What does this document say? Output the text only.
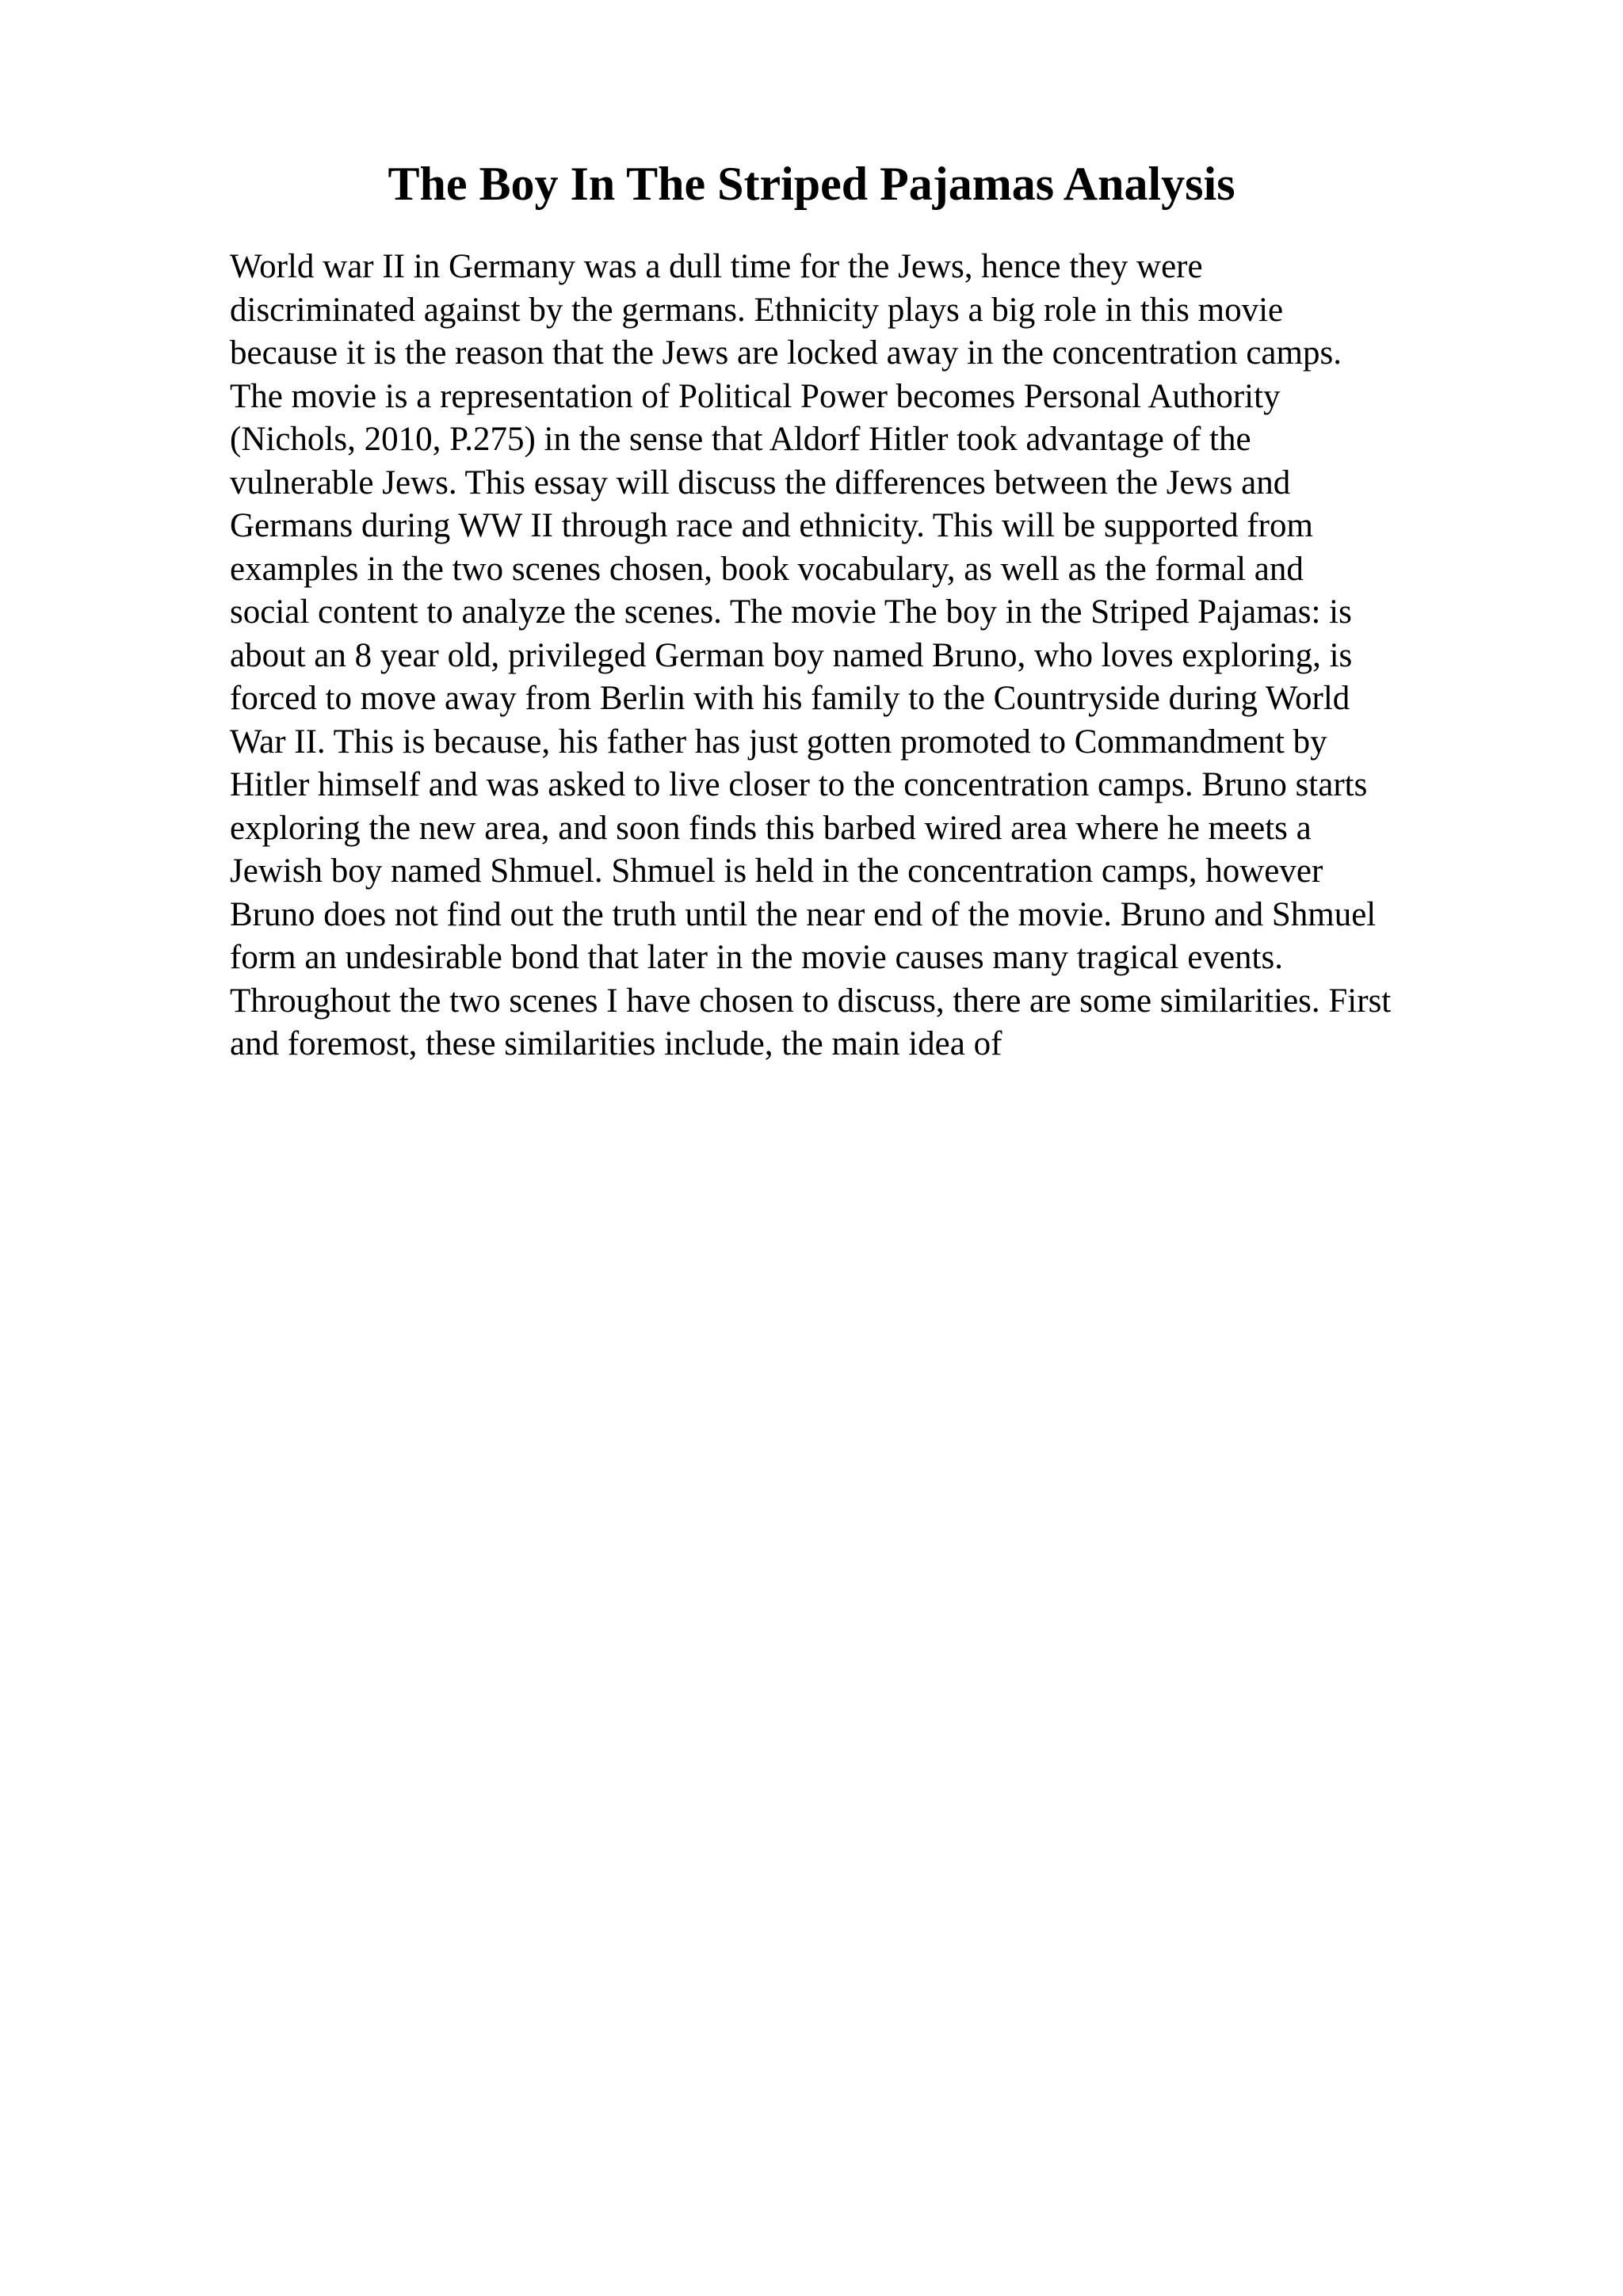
The Boy In The Striped Pajamas Analysis
World war II in Germany was a dull time for the Jews, hence they were
discriminated against by the germans. Ethnicity plays a big role in this movie
because it is the reason that the Jews are locked away in the concentration camps.
The movie is a representation of Political Power becomes Personal Authority
(Nichols, 2010, P.275) in the sense that Aldorf Hitler took advantage of the
vulnerable Jews. This essay will discuss the differences between the Jews and
Germans during WW II through race and ethnicity. This will be supported from
examples in the two scenes chosen, book vocabulary, as well as the formal and
social content to analyze the scenes. The movie The boy in the Striped Pajamas: is
about an 8 year old, privileged German boy named Bruno, who loves exploring, is
forced to move away from Berlin with his family to the Countryside during World
War II. This is because, his father has just gotten promoted to Commandment by
Hitler himself and was asked to live closer to the concentration camps. Bruno starts
exploring the new area, and soon finds this barbed wired area where he meets a
Jewish boy named Shmuel. Shmuel is held in the concentration camps, however
Bruno does not find out the truth until the near end of the movie. Bruno and Shmuel
form an undesirable bond that later in the movie causes many tragical events.
Throughout the two scenes I have chosen to discuss, there are some similarities. First
and foremost, these similarities include, the main idea of
